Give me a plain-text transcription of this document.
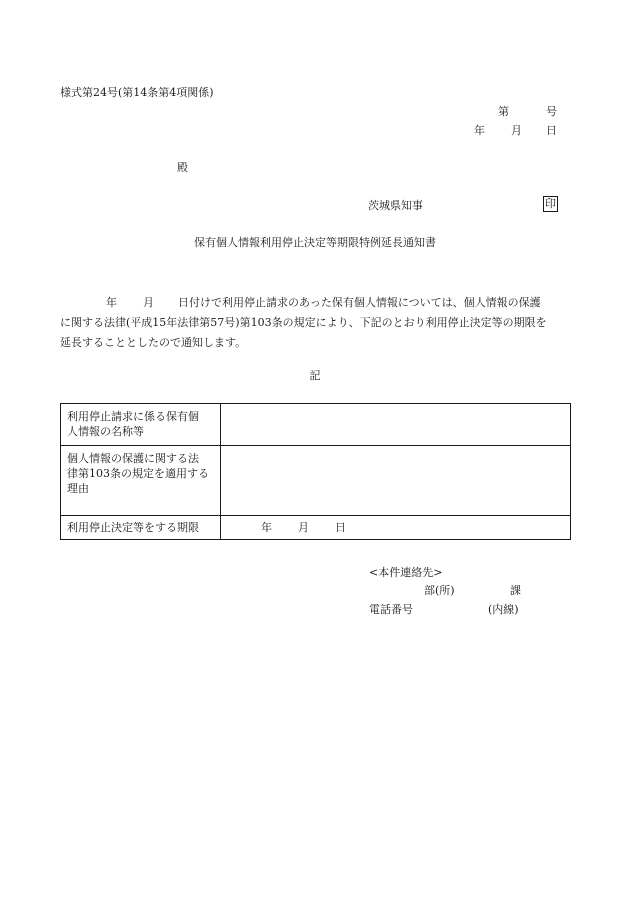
様式第24号(第14条第4項関係)
第	号
年 月 日
殿
茨城県知事	印
保有個人情報利用停止決定等期限特例延長通知書
年 月 日付けで利用停止請求のあった保有個人情報については、個人情報の保護
に関する法律(平成15年法律第57号)第103条の規定により、下記のとおり利用停止決定等の期限を
延長することとしたので通知します。
記
利用停止請求に係る保有個
人情報の名称等	

個人情報の保護に関する法
律第103条の規定を適用する
理由	

利用停止決定等をする期限	年 月 日
<本件連絡先>
部(所)	課
電話番号	(内線)
